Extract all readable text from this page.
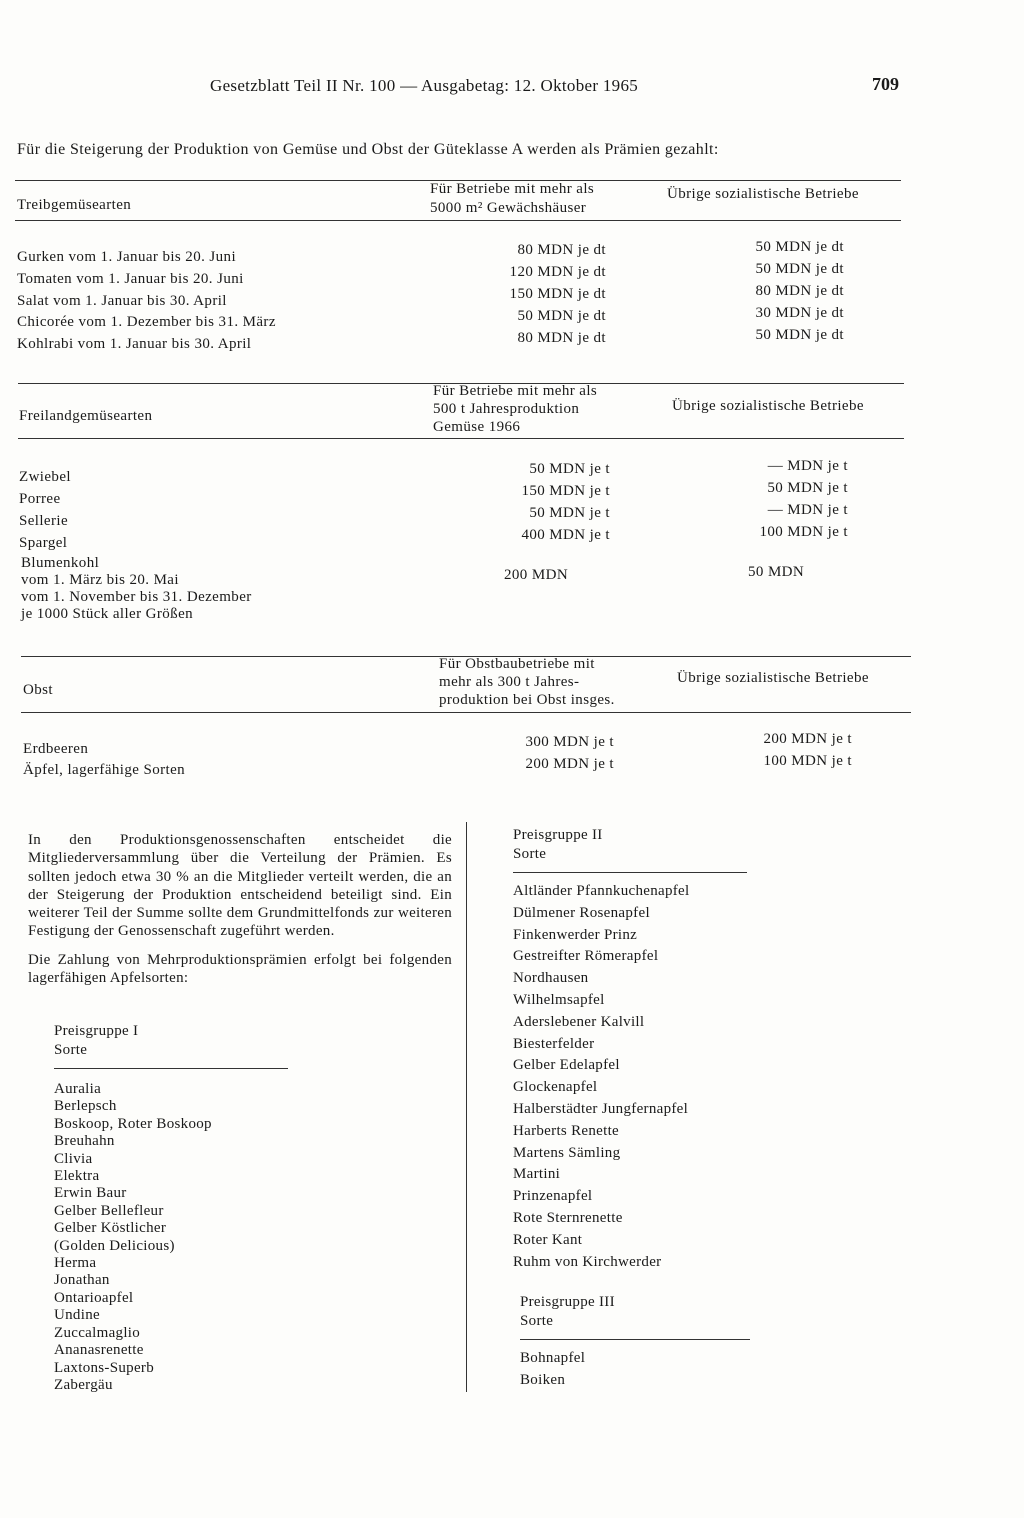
Gesetzblatt Teil II Nr. 100 — Ausgabetag: 12. Oktober 1965	709
Für die Steigerung der Produktion von Gemüse und Obst der Güteklasse A werden als Prämien gezahlt:
Treibgemüsearten
Für Betriebe mit mehr als
5000 m² Gewächshäuser
Übrige sozialistische Betriebe
Gurken vom 1. Januar bis 20. Juni	80 MDN je dt	50 MDN je dt
Tomaten vom 1. Januar bis 20. Juni	120 MDN je dt	50 MDN je dt
Salat vom 1. Januar bis 30. April	150 MDN je dt	80 MDN je dt
Chicorée vom 1. Dezember bis 31. März	50 MDN je dt	30 MDN je dt
Kohlrabi vom 1. Januar bis 30. April	80 MDN je dt	50 MDN je dt
Freilandgemüsearten
Für Betriebe mit mehr als
500 t Jahresproduktion
Gemüse 1966
Übrige sozialistische Betriebe
Zwiebel	50 MDN je t	— MDN je t
Porree	150 MDN je t	50 MDN je t
Sellerie	50 MDN je t	— MDN je t
Spargel	400 MDN je t	100 MDN je t
Blumenkohl
vom 1. März bis 20. Mai
vom 1. November bis 31. Dezember
je 1000 Stück aller Größen
200 MDN	50 MDN
Obst
Für Obstbaubetriebe mit
mehr als 300 t Jahres-
produktion bei Obst insges.
Übrige sozialistische Betriebe
Erdbeeren	300 MDN je t	200 MDN je t
Äpfel, lagerfähige Sorten	200 MDN je t	100 MDN je t

In den Produktionsgenossenschaften entscheidet die Mitgliederversammlung über die Verteilung der Prämien. Es sollten jedoch etwa 30 % an die Mitglieder verteilt werden, die an der Steigerung der Produktion entscheidend beteiligt sind. Ein weiterer Teil der Summe sollte dem Grundmittelfonds zur weiteren Festigung der Genossenschaft zugeführt werden.

Die Zahlung von Mehrproduktionsprämien erfolgt bei folgenden lagerfähigen Apfelsorten:

Preisgruppe I
Sorte
Auralia
Berlepsch
Boskoop, Roter Boskoop
Breuhahn
Clivia
Elektra
Erwin Baur
Gelber Bellefleur
Gelber Köstlicher
(Golden Delicious)
Herma
Jonathan
Ontarioapfel
Undine
Zuccalmaglio
Ananasrenette
Laxtons-Superb
Zabergäu
Preisgruppe II
Sorte
Altländer Pfannkuchenapfel
Dülmener Rosenapfel
Finkenwerder Prinz
Gestreifter Römerapfel
Nordhausen
Wilhelmsapfel
Aderslebener Kalvill
Biesterfelder
Gelber Edelapfel
Glockenapfel
Halberstädter Jungfernapfel
Harberts Renette
Martens Sämling
Martini
Prinzenapfel
Rote Sternrenette
Roter Kant
Ruhm von Kirchwerder
Preisgruppe III
Sorte
Bohnapfel
Boiken
